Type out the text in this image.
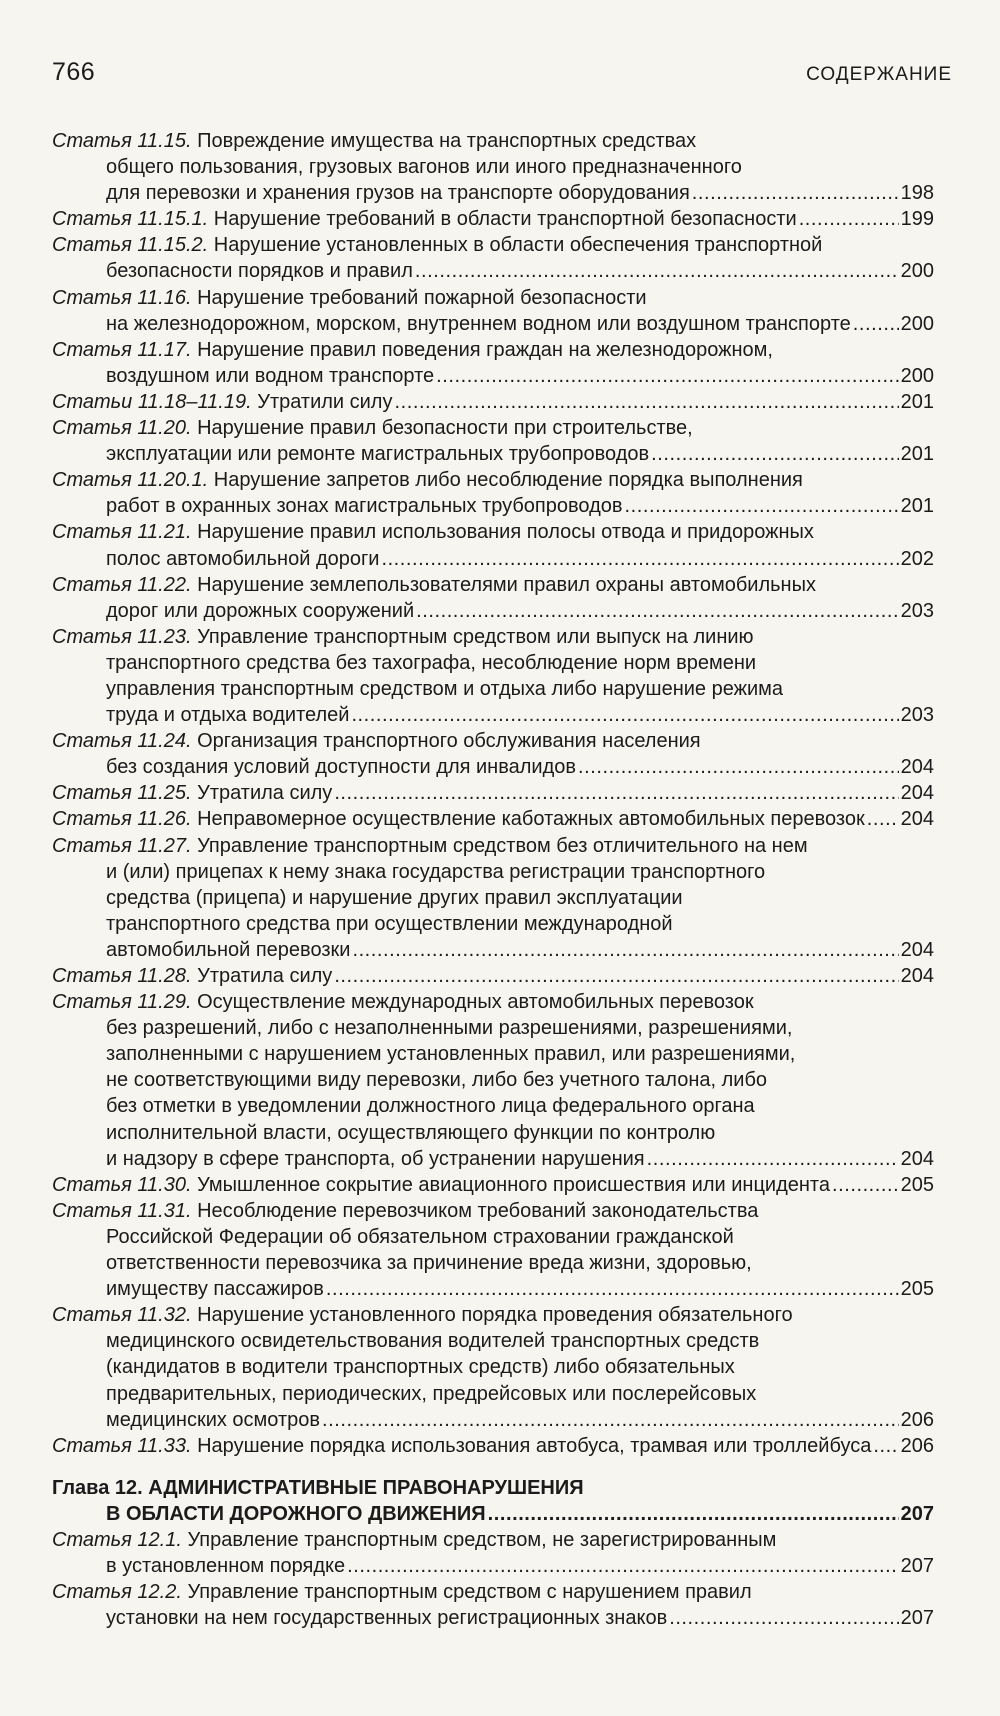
766	СОДЕРЖАНИЕ
Статья 11.15. Повреждение имущества на транспортных средствах
общего пользования, грузовых вагонов или иного предназначенного
для перевозки и хранения грузов на транспорте оборудования . . .	198
Статья 11.15.1. Нарушение требований в области транспортной безопасности . . .	199
Статья 11.15.2. Нарушение установленных в области обеспечения транспортной
безопасности порядков и правил . . .	200
Статья 11.16. Нарушение требований пожарной безопасности
на железнодорожном, морском, внутреннем водном или воздушном транспорте . . . 200
Статья 11.17. Нарушение правил поведения граждан на железнодорожном,
воздушном или водном транспорте . . .	200
Статьи 11.18–11.19. Утратили силу . . .	201
Статья 11.20. Нарушение правил безопасности при строительстве,
эксплуатации или ремонте магистральных трубопроводов . . .	201
Статья 11.20.1. Нарушение запретов либо несоблюдение порядка выполнения
работ в охранных зонах магистральных трубопроводов . . .	201
Статья 11.21. Нарушение правил использования полосы отвода и придорожных
полос автомобильной дороги . . .	202
Статья 11.22. Нарушение землепользователями правил охраны автомобильных
дорог или дорожных сооружений . . .	203
Статья 11.23. Управление транспортным средством или выпуск на линию
транспортного средства без тахографа, несоблюдение норм времени
управления транспортным средством и отдыха либо нарушение режима
труда и отдыха водителей . . .	203
Статья 11.24. Организация транспортного обслуживания населения
без создания условий доступности для инвалидов . . .	204
Статья 11.25. Утратила силу . . .	204
Статья 11.26. Неправомерное осуществление каботажных автомобильных перевозок . . . 204
Статья 11.27. Управление транспортным средством без отличительного на нем
и (или) прицепах к нему знака государства регистрации транспортного
средства (прицепа) и нарушение других правил эксплуатации
транспортного средства при осуществлении международной
автомобильной перевозки . . .	204
Статья 11.28. Утратила силу . . .	204
Статья 11.29. Осуществление международных автомобильных перевозок
без разрешений, либо с незаполненными разрешениями, разрешениями,
заполненными с нарушением установленных правил, или разрешениями,
не соответствующими виду перевозки, либо без учетного талона, либо
без отметки в уведомлении должностного лица федерального органа
исполнительной власти, осуществляющего функции по контролю
и надзору в сфере транспорта, об устранении нарушения . . .	204
Статья 11.30. Умышленное сокрытие авиационного происшествия или инцидента . . .	205
Статья 11.31. Несоблюдение перевозчиком требований законодательства
Российской Федерации об обязательном страховании гражданской
ответственности перевозчика за причинение вреда жизни, здоровью,
имуществу пассажиров . . .	205
Статья 11.32. Нарушение установленного порядка проведения обязательного
медицинского освидетельствования водителей транспортных средств
(кандидатов в водители транспортных средств) либо обязательных
предварительных, периодических, предрейсовых или послерейсовых
медицинских осмотров . . .	206
Статья 11.33. Нарушение порядка использования автобуса, трамвая или троллейбуса . . . 206
Глава 12. АДМИНИСТРАТИВНЫЕ ПРАВОНАРУШЕНИЯ
В ОБЛАСТИ ДОРОЖНОГО ДВИЖЕНИЯ . . .	207
Статья 12.1. Управление транспортным средством, не зарегистрированным
в установленном порядке . . .	207
Статья 12.2. Управление транспортным средством с нарушением правил
установки на нем государственных регистрационных знаков . . .	207
